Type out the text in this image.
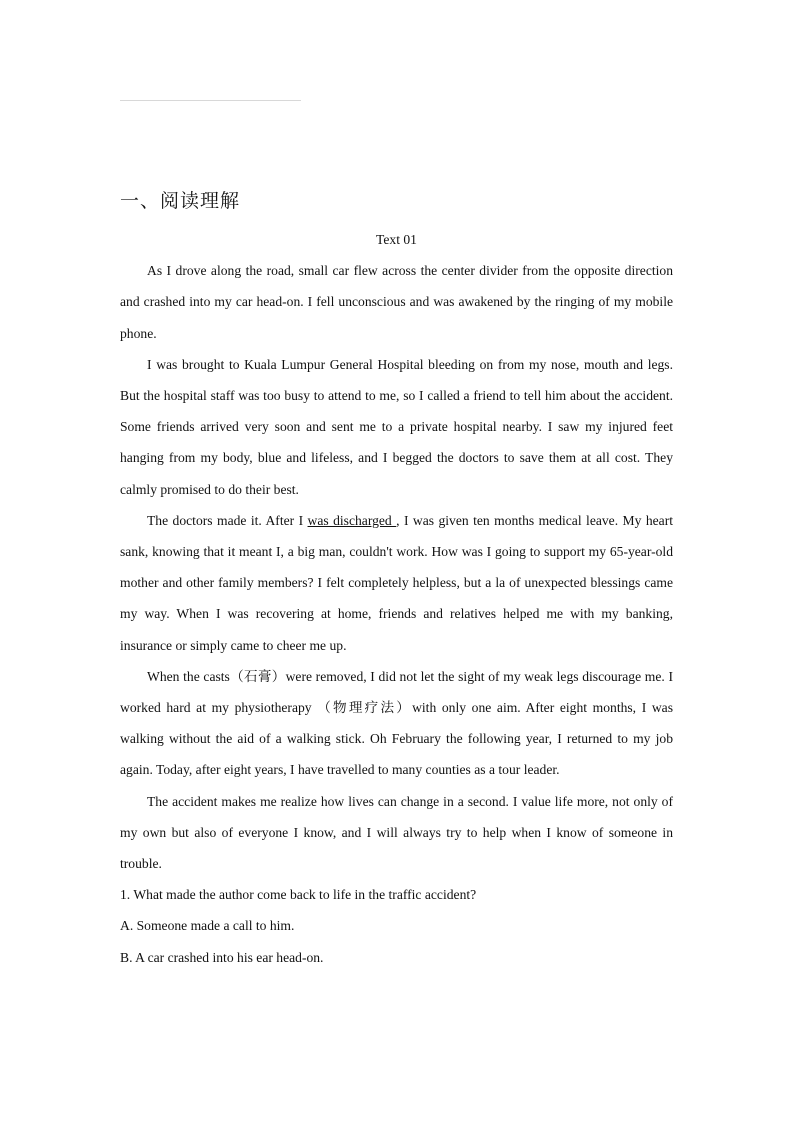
一、阅读理解

Text 01

As I drove along the road, small car flew across the center divider from the opposite direction and crashed into my car head-on. I fell unconscious and was awakened by the ringing of my mobile phone.

I was brought to Kuala Lumpur General Hospital bleeding on from my nose, mouth and legs. But the hospital staff was too busy to attend to me, so I called a friend to tell him about the accident. Some friends arrived very soon and sent me to a private hospital nearby. I saw my injured feet hanging from my body, blue and lifeless, and I begged the doctors to save them at all cost. They calmly promised to do their best.

The doctors made it. After I was discharged , I was given ten months medical leave. My heart sank, knowing that it meant I, a big man, couldn't work. How was I going to support my 65-year-old mother and other family members? I felt completely helpless, but a la of unexpected blessings came my way. When I was recovering at home, friends and relatives helped me with my banking, insurance or simply came to cheer me up.

When the casts（石膏）were removed, I did not let the sight of my weak legs discourage me. I worked hard at my physiotherapy （物理疗法）with only one aim. After eight months, I was walking without the aid of a walking stick. Oh February the following year, I returned to my job again. Today, after eight years, I have travelled to many counties as a tour leader.

The accident makes me realize how lives can change in a second. I value life more, not only of my own but also of everyone I know, and I will always try to help when I know of someone in trouble.

1. What made the author come back to life in the traffic accident?

A. Someone made a call to him.

B. A car crashed into his ear head-on.
